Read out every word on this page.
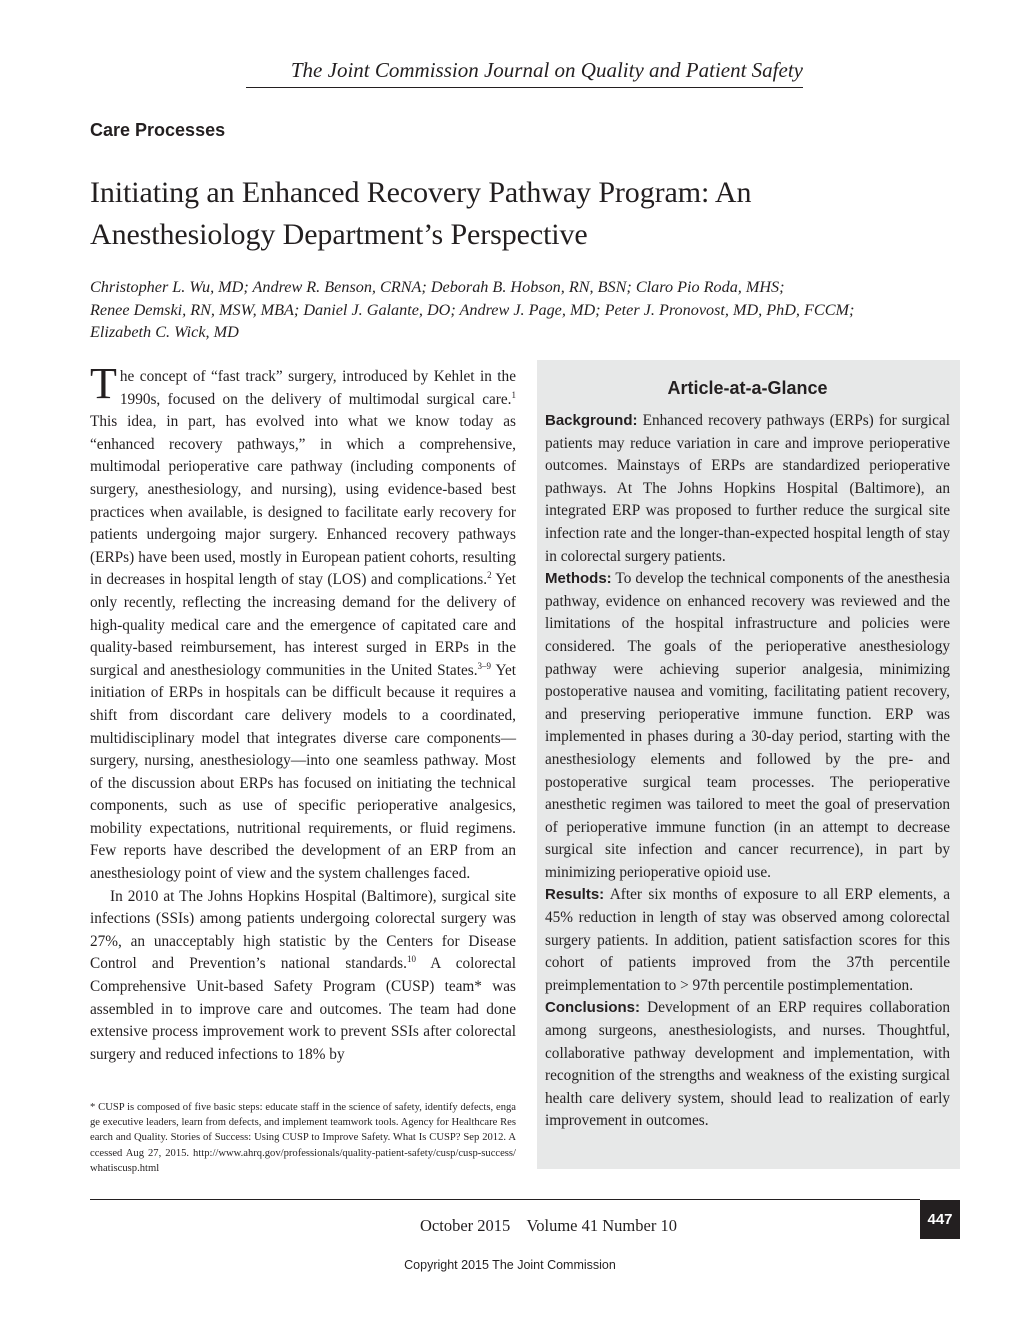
The Joint Commission Journal on Quality and Patient Safety
Care Processes
Initiating an Enhanced Recovery Pathway Program: An Anesthesiology Department’s Perspective
Christopher L. Wu, MD; Andrew R. Benson, CRNA; Deborah B. Hobson, RN, BSN; Claro Pio Roda, MHS;
Renee Demski, RN, MSW, MBA; Daniel J. Galante, DO; Andrew J. Page, MD; Peter J. Pronovost, MD, PhD, FCCM;
Elizabeth C. Wick, MD

The concept of “fast track” surgery, introduced by Kehlet in the 1990s, focused on the delivery of multimodal surgical care.$^1$ This idea, in part, has evolved into what we know today as “enhanced recovery pathways,” in which a comprehensive, multimodal perioperative care pathway (including components of surgery, anesthesiology, and nursing), using evidence-based best practices when available, is designed to facilitate early recovery for patients undergoing major surgery. Enhanced recovery pathways (ERPs) have been used, mostly in European patient cohorts, resulting in decreases in hospital length of stay (LOS) and complications.$^2$ Yet only recently, reflecting the increasing demand for the delivery of high-quality medical care and the emergence of capitated care and quality-based reimbursement, has interest surged in ERPs in the surgical and anesthesiology communities in the United States.$^{3-9}$ Yet initiation of ERPs in hospitals can be difficult because it requires a shift from discordant care delivery models to a coordinated, multidisciplinary model that integrates diverse care components—surgery, nursing, anesthesiology—into one seamless pathway. Most of the discussion about ERPs has focused on initiating the technical components, such as use of specific perioperative analgesics, mobility expectations, nutritional requirements, or fluid regimens. Few reports have described the development of an ERP from an anesthesiology point of view and the system challenges faced.

In 2010 at The Johns Hopkins Hospital (Baltimore), surgical site infections (SSIs) among patients undergoing colorectal surgery was 27%, an unacceptably high statistic by the Centers for Disease Control and Prevention’s national standards.$^{10}$ A colorectal Comprehensive Unit-based Safety Program (CUSP) team* was assembled in to improve care and outcomes. The team had done extensive process improvement work to prevent SSIs after colorectal surgery and reduced infections to 18% by

* CUSP is composed of five basic steps: educate staff in the science of safety, identify defects, engage executive leaders, learn from defects, and implement teamwork tools. Agency for Healthcare Research and Quality. Stories of Success: Using CUSP to Improve Safety. What Is CUSP? Sep 2012. Accessed Aug 27, 2015. http://www.ahrq.gov/professionals/quality-patient-safety/cusp/cusp-success/whatiscusp.html
Article-at-a-Glance

Background: Enhanced recovery pathways (ERPs) for surgical patients may reduce variation in care and improve perioperative outcomes. Mainstays of ERPs are standardized perioperative pathways. At The Johns Hopkins Hospital (Baltimore), an integrated ERP was proposed to further reduce the surgical site infection rate and the longer-than-expected hospital length of stay in colorectal surgery patients.

Methods: To develop the technical components of the anesthesia pathway, evidence on enhanced recovery was reviewed and the limitations of the hospital infrastructure and policies were considered. The goals of the perioperative anesthesiology pathway were achieving superior analgesia, minimizing postoperative nausea and vomiting, facilitating patient recovery, and preserving perioperative immune function. ERP was implemented in phases during a 30-day period, starting with the anesthesiology elements and followed by the pre- and postoperative surgical team processes. The perioperative anesthetic regimen was tailored to meet the goal of preservation of perioperative immune function (in an attempt to decrease surgical site infection and cancer recurrence), in part by minimizing perioperative opioid use.

Results: After six months of exposure to all ERP elements, a 45% reduction in length of stay was observed among colorectal surgery patients. In addition, patient satisfaction scores for this cohort of patients improved from the 37th percentile preimplementation to > 97th percentile postimplementation.

Conclusions: Development of an ERP requires collaboration among surgeons, anesthesiologists, and nurses. Thoughtful, collaborative pathway development and implementation, with recognition of the strengths and weakness of the existing surgical health care delivery system, should lead to realization of early improvement in outcomes.

October 2015    Volume 41 Number 10	447
Copyright 2015 The Joint Commission
